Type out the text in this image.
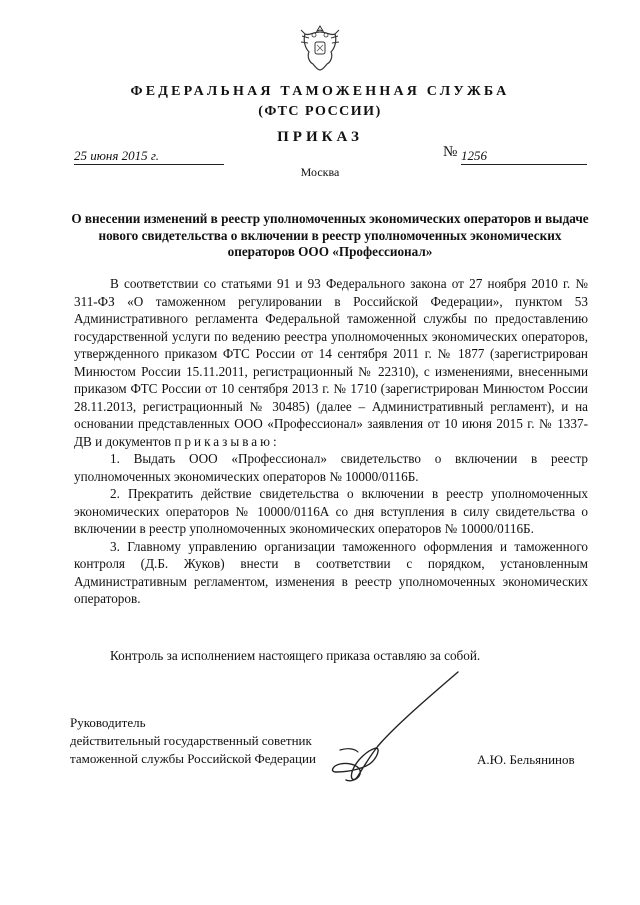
ФЕДЕРАЛЬНАЯ ТАМОЖЕННАЯ СЛУЖБА
(ФТС РОССИИ)
ПРИКАЗ
25 июня 2015 г.	№ 1256
Москва
О внесении изменений в реестр уполномоченных экономических операторов и выдаче нового свидетельства о включении в реестр уполномоченных экономических операторов ООО «Профессионал»

В соответствии со статьями 91 и 93 Федерального закона от 27 ноября 2010 г. № 311-ФЗ «О таможенном регулировании в Российской Федерации», пунктом 53 Административного регламента Федеральной таможенной службы по предоставлению государственной услуги по ведению реестра уполномоченных экономических операторов, утвержденного приказом ФТС России от 14 сентября 2011 г. № 1877 (зарегистрирован Минюстом России 15.11.2011, регистрационный № 22310), с изменениями, внесенными приказом ФТС России от 10 сентября 2013 г. № 1710 (зарегистрирован Минюстом России 28.11.2013, регистрационный № 30485) (далее – Административный регламент), и на основании представленных ООО «Профессионал» заявления от 10 июня 2015 г. № 1337-ДВ и документов приказываю:

1. Выдать ООО «Профессионал» свидетельство о включении в реестр уполномоченных экономических операторов № 10000/0116Б.

2. Прекратить действие свидетельства о включении в реестр уполномоченных экономических операторов № 10000/0116А со дня вступления в силу свидетельства о включении в реестр уполномоченных экономических операторов № 10000/0116Б.

3. Главному управлению организации таможенного оформления и таможенного контроля (Д.Б. Жуков) внести в соответствии с порядком, установленным Административным регламентом, изменения в реестр уполномоченных экономических операторов.

Контроль за исполнением настоящего приказа оставляю за собой.
Руководитель
действительный государственный советник
таможенной службы Российской Федерации	А.Ю. Бельянинов
